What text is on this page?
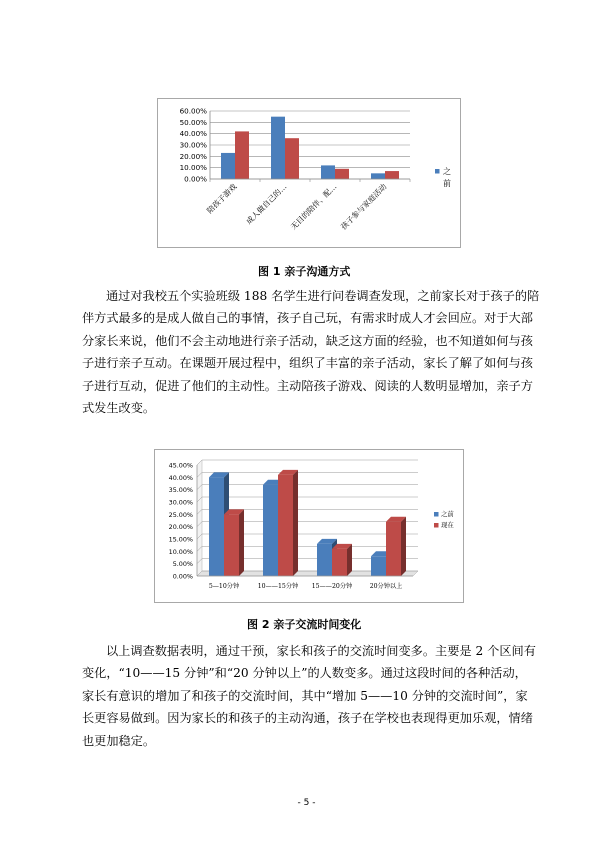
0.00%
10.00%
20.00%
30.00%
40.00%
50.00%
60.00%
陪孩子游戏 成人做自己的… 无目的陪伴、配… 孩子参与家庭活动
之
前
图 1 亲子沟通方式
通过对我校五个实验班级 188 名学生进行问卷调查发现，之前家长对于孩子的陪
伴方式最多的是成人做自己的事情，孩子自己玩，有需求时成人才会回应。对于大部
分家长来说，他们不会主动地进行亲子活动，缺乏这方面的经验，也不知道如何与孩
子进行亲子互动。在课题开展过程中，组织了丰富的亲子活动，家长了解了如何与孩
子进行互动，促进了他们的主动性。主动陪孩子游戏、阅读的人数明显增加，亲子方
式发生改变。
0.00%
5.00%
10.00%
15.00%
20.00%
25.00%
30.00%
35.00%
40.00%
45.00%
5—10分钟	10——15分钟 15——20分钟	20分钟以上
之前
现在
图 2 亲子交流时间变化
以上调查数据表明，通过干预，家长和孩子的交流时间变多。主要是 2 个区间有
变化，“10——15 分钟”和“20 分钟以上”的人数变多。通过这段时间的各种活动，
家长有意识的增加了和孩子的交流时间，其中“增加 5——10 分钟的交流时间”，家
长更容易做到。因为家长的和孩子的主动沟通，孩子在学校也表现得更加乐观，情绪
也更加稳定。
- 5 -
